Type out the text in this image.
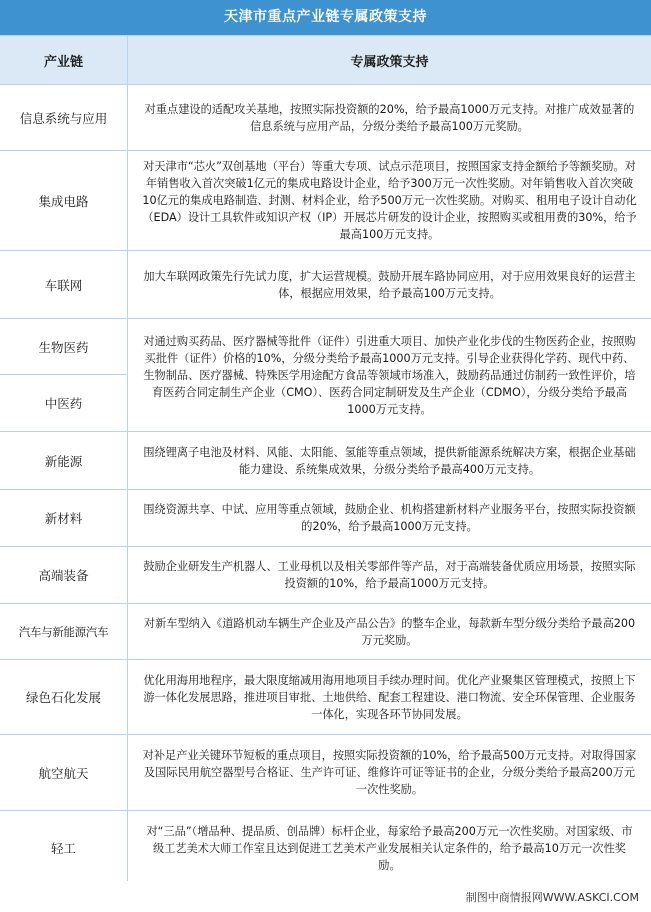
天津市重点产业链专属政策支持
产业链	专属政策支持
信息系统与应用
对重点建设的适配攻关基地，按照实际投资额的20%，给予最高1000万元支持。对推广成效显著的信息系统与应用产品，分级分类给予最高100万元奖励。
集成电路
对天津市“芯火”双创基地（平台）等重大专项、试点示范项目，按照国家支持金额给予等额奖励。对年销售收入首次突破1亿元的集成电路设计企业，给予300万元一次性奖励。对年销售收入首次突破10亿元的集成电路制造、封测、材料企业，给予500万元一次性奖励。对购买、租用电子设计自动化（EDA）设计工具软件或知识产权（IP）开展芯片研发的设计企业，按照购买或租用费的30%，给予最高100万元支持。
车联网
加大车联网政策先行先试力度，扩大运营规模。鼓励开展车路协同应用，对于应用效果良好的运营主体，根据应用效果，给予最高100万元支持。
生物医药	对通过购买药品、医疗器械等批件（证件）引进重大项目、加快产业化步伐的生物医药企业，按照购买批件（证件）价格的10%，分级分类给予最高1000万元支持。引导企业获得化学药、现代中药、生物制品、医疗器械、特殊医学用途配方食品等领域市场准入，鼓励药品通过仿制药一致性评价，培育医药合同定制生产企业（CMO）、医药合同定制研发及生产企业（CDMO），分级分类给予最高1000万元支持。
中医药
新能源
围绕锂离子电池及材料、风能、太阳能、氢能等重点领域，提供新能源系统解决方案，根据企业基础能力建设、系统集成效果，分级分类给予最高400万元支持。
新材料
围绕资源共享、中试、应用等重点领域，鼓励企业、机构搭建新材料产业服务平台，按照实际投资额的20%，给予最高1000万元支持。
高端装备
鼓励企业研发生产机器人、工业母机以及相关零部件等产品，对于高端装备优质应用场景，按照实际投资额的10%，给予最高1000万元支持。
汽车与新能源汽车
对新车型纳入《道路机动车辆生产企业及产品公告》的整车企业，每款新车型分级分类给予最高200万元奖励。
绿色石化发展
优化用海用地程序，最大限度缩减用海用地项目手续办理时间。优化产业聚集区管理模式，按照上下游一体化发展思路，推进项目审批、土地供给、配套工程建设、港口物流、安全环保管理、企业服务一体化，实现各环节协同发展。
航空航天
对补足产业关键环节短板的重点项目，按照实际投资额的10%，给予最高500万元支持。对取得国家及国际民用航空器型号合格证、生产许可证、维修许可证等证书的企业，分级分类给予最高200万元一次性奖励。
轻工
对“三品”（增品种、提品质、创品牌）标杆企业，每家给予最高200万元一次性奖励。对国家级、市级工艺美术大师工作室且达到促进工艺美术产业发展相关认定条件的，给予最高10万元一次性奖励。
制图中商情报网WWW.ASKCI.COM
